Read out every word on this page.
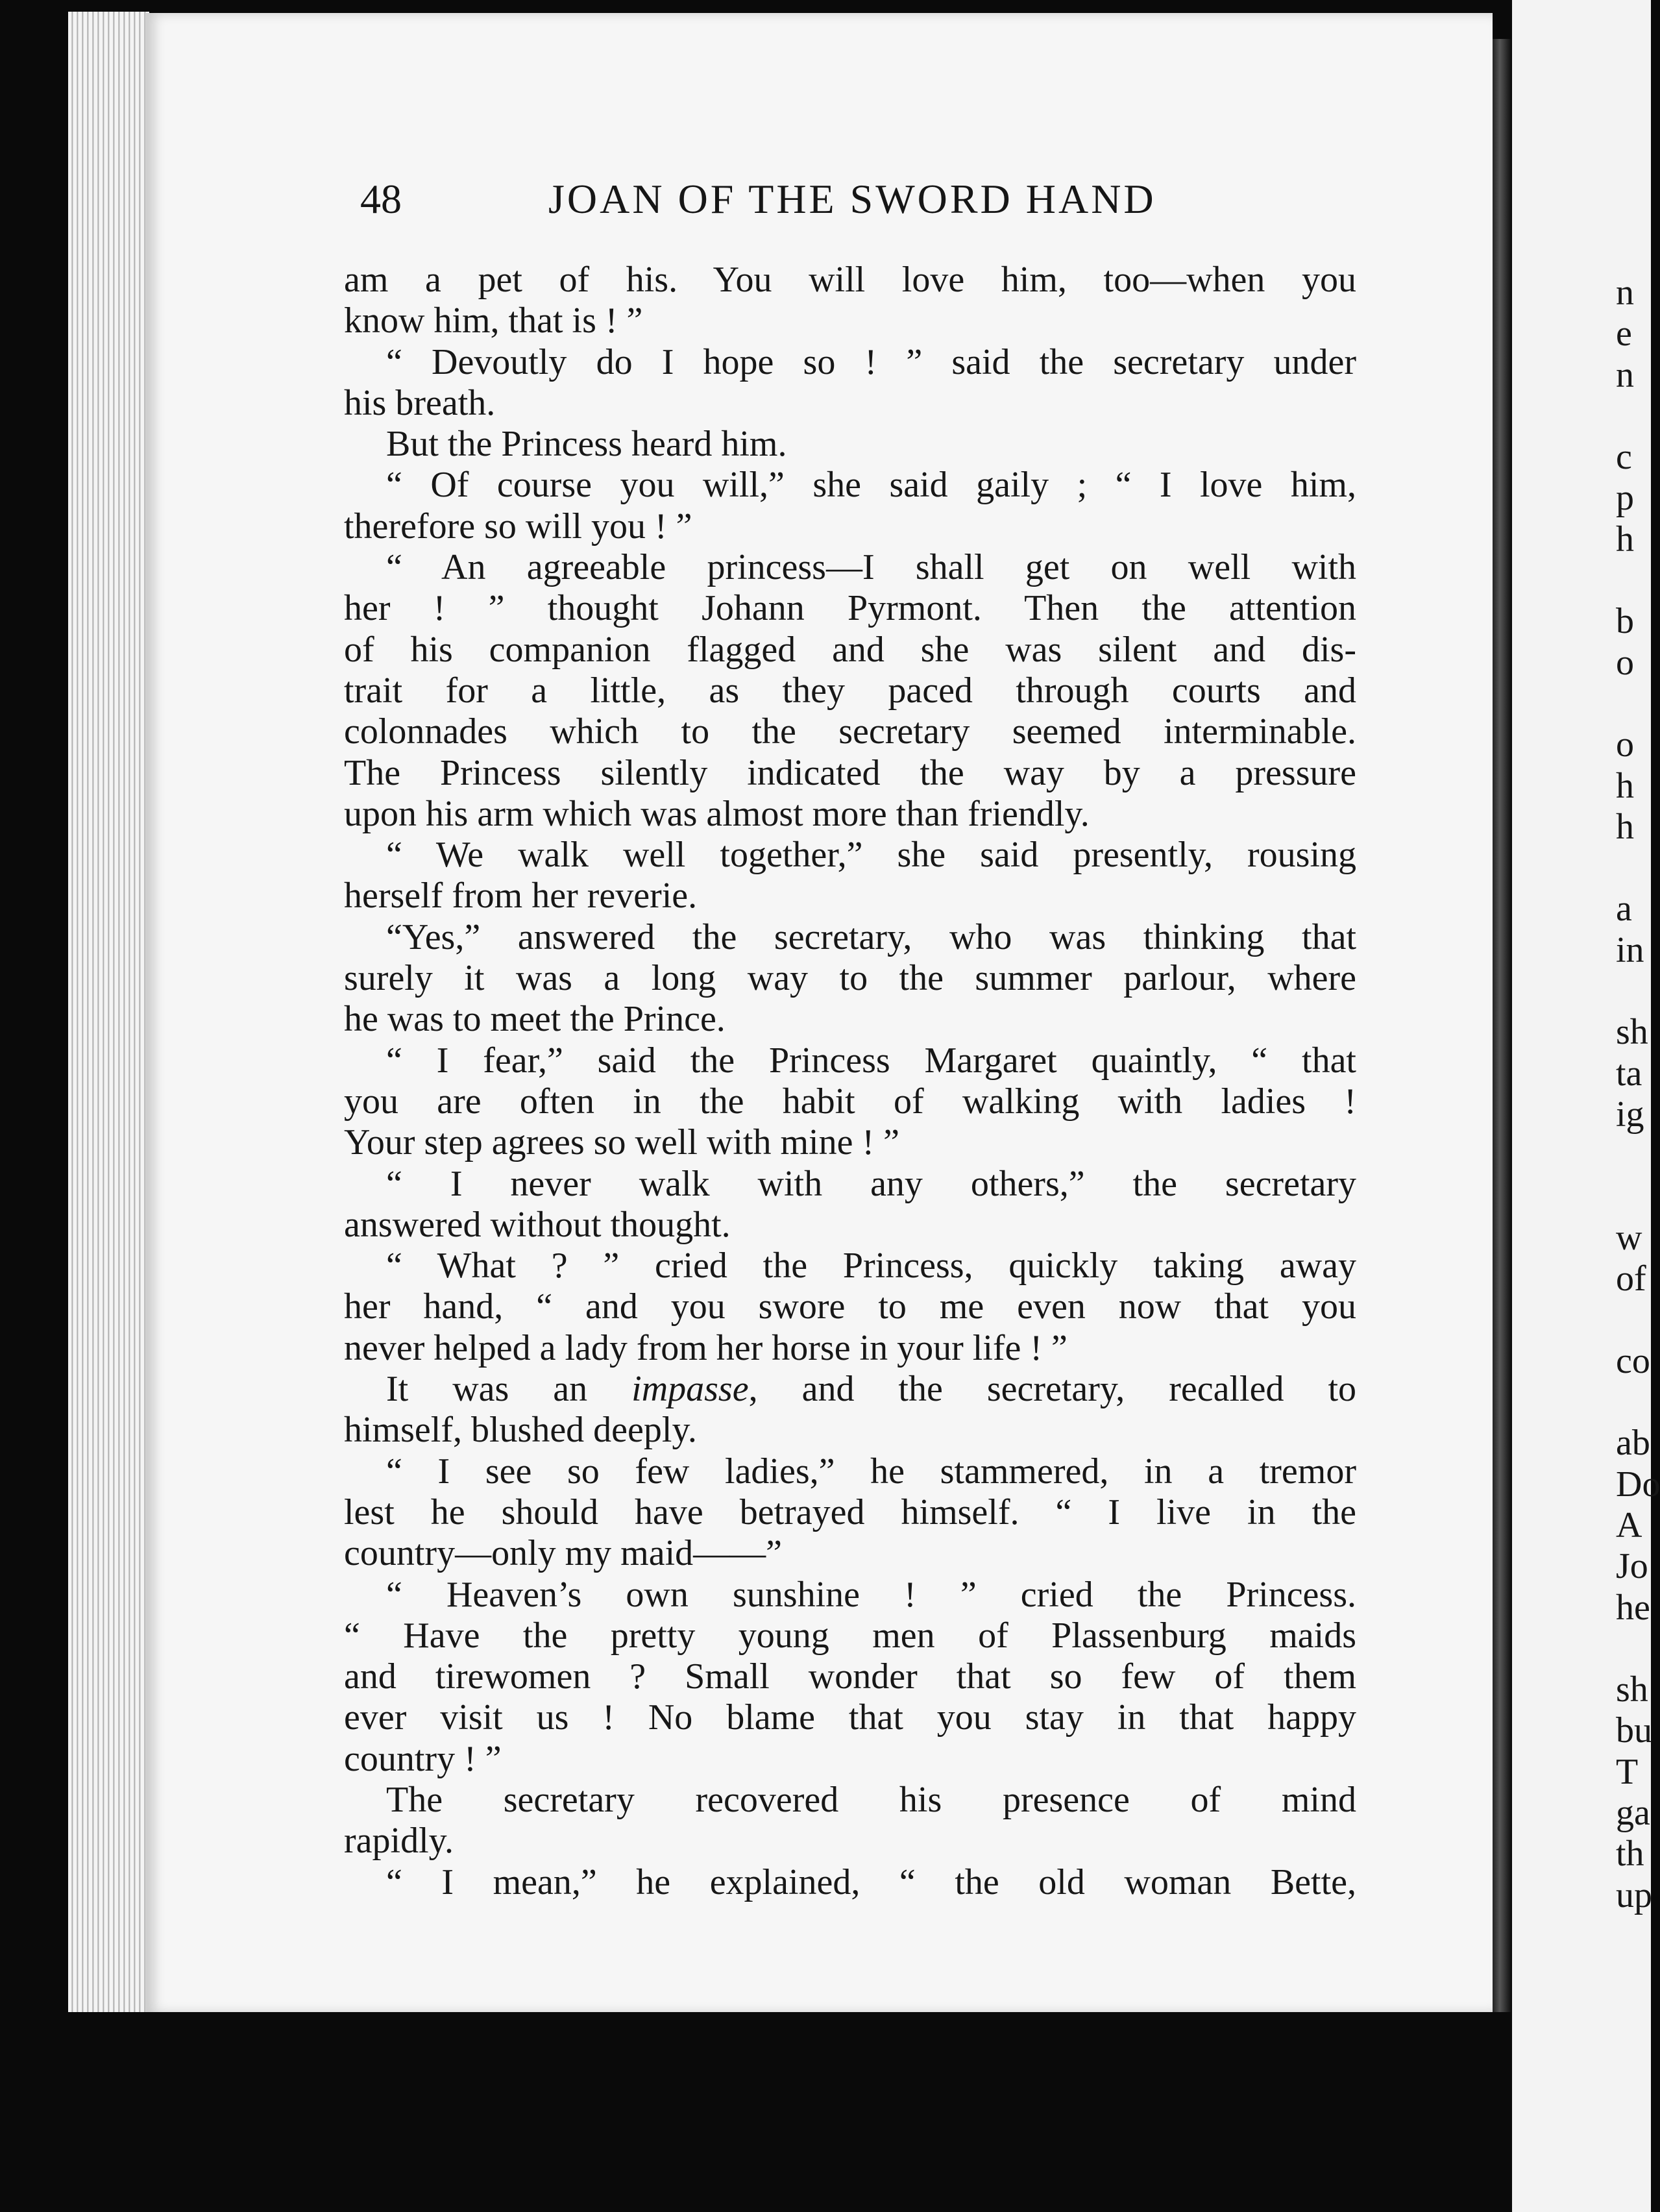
48	JOAN OF THE SWORD HAND
am a pet of his. You will love him, too—when you
know him, that is ! ”
“ Devoutly do I hope so ! ” said the secretary under
his breath.
But the Princess heard him.
“ Of course you will,” she said gaily ; “ I love him,
therefore so will you ! ”
“ An agreeable princess—I shall get on well with
her ! ” thought Johann Pyrmont. Then the attention
of his companion flagged and she was silent and dis-
trait for a little, as they paced through courts and
colonnades which to the secretary seemed interminable.
The Princess silently indicated the way by a pressure
upon his arm which was almost more than friendly.
“ We walk well together,” she said presently, rousing
herself from her reverie.
“Yes,” answered the secretary, who was thinking that
surely it was a long way to the summer parlour, where
he was to meet the Prince.
“ I fear,” said the Princess Margaret quaintly, “ that
you are often in the habit of walking with ladies !
Your step agrees so well with mine ! ”
“ I never walk with any others,” the secretary
answered without thought.
“ What ? ” cried the Princess, quickly taking away
her hand, “ and you swore to me even now that you
never helped a lady from her horse in your life ! ”
It was an impasse, and the secretary, recalled to
himself, blushed deeply.
“ I see so few ladies,” he stammered, in a tremor
lest he should have betrayed himself. “ I live in the
country—only my maid——”
“ Heaven’s own sunshine ! ” cried the Princess.
“ Have the pretty young men of Plassenburg maids
and tirewomen ? Small wonder that so few of them
ever visit us ! No blame that you stay in that happy
country ! ”
The secretary recovered his presence of mind
rapidly.
“ I mean,” he explained, “ the old woman Bette,
n
e
n
c
p
h
b
o
o
h
h
a
in
sh
ta
ig
w
of
co
ab
Do
A
Jo
he
sh
bu
T
ga
th
up
